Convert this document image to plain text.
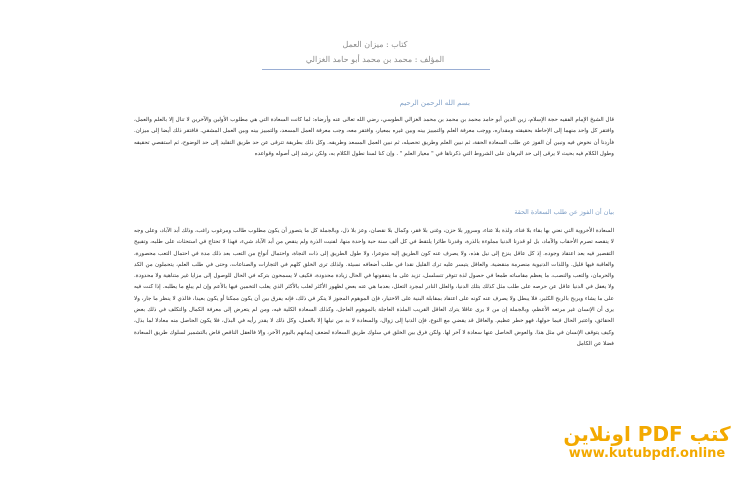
كتاب : ميزان العمل
المؤلف : محمد بن محمد أبو حامد الغزالي
بسم الله الرحمن الرحيم
قال الشيخ الإمام الفقيه حجة الإسلام، زين الدين أبو حامد محمد بن محمد بن محمد الغزالي الطوسي، رضي الله تعالى عنه وأرضاه: لما كانت السعادة التي هي مطلوب الأولين والآخرين لا تنال إلا بالعلم والعمل، وافتقر كل واحد منهما إلى الإحاطة بحقيقته ومقداره، ووجب معرفة العلم والتمييز بينه وبين غيره بمعيار، وافتقر معه، وجب معرفة العمل المسعد، والتمييز بينه وبين العمل المشقي. فافتقر ذلك أيضا إلى ميزان. فأردنا أن نخوض فيه ونبين أن الفوز عن طلب السعادة الحقة، ثم نبين العلم وطريق تحصيله، ثم نبين العمل المسعد وطريقه. وكل ذلك بطريقة تترقى عن حد طريق التقليد إلى حد الوضوح، ثم استقصي تحقيقه وطول الكلام فيه بحيث لا يرقى إلى حد البرهان على الشروط التي ذكرناها في " معيار العلم " . وإن كنا لسنا نطول الكلام به، ولكن نرشد إلى أصوله وقواعده
بيان أن الفوز عن طلب السعادة الحقة
السعادة الأخروية التي نعني بها بقاء بلا فناء، ولذة بلا عناء، وسرور بلا حزن، وغنى بلا فقر، وكمال بلا نقصان، وعز بلا ذل، وبالجملة كل ما يتصور أن يكون مطلوب طالب ومرغوب راغب، وذلك أبد الآباد، وعلى وجه لا ينقصه تصرم الأحقاب والآماد، بل لو قدرنا الدنيا مملوءة بالذرة، وقدرنا طائرا يلتقط في كل ألف سنة حبة واحدة منها، لفنيت الذرة ولم ينقص من أبد الآباد شيء، فهذا لا تحتاج في استحثاث على طلبه، وتقبيح التقصير فيه بعد اعتقاد وجوده. إذ كل عاقل ينزع إلى نيل هذه، ولا يصرف عنه كون الطريق إليه متوعرا، ولا طول الطريق إلى ذات النجاة، واحتمال أنواع من التعب بعد ذلك مدة في احتمال التعب محصورة، والعاقبة فيها قليل. واللذات الدنيوية منصرمة منقضية. والعاقل يتيسر عليه ترك القليل نقدا في طلب أضعافه نسيئة. ولذلك ترى الخلق كلهم في التجارات والصناعات، وحتى في طلب العلم، يتحملون من الكد والحرمان، والتعب والنصب، ما يعظم مقاساته طمعا في حصول لذة تتوفر تتسلسل، تزيد على ما ينفقونها في الحال زيادة محدودة، فكيف لا يسمحون بتركه في الحال للوصول إلى مزايا غير متناهية ولا محدودة. ولا يغفل في الدنيا عاقل عن حرصه على طلب مثل كذلك بتلك الدنيا، والعلل النادر لمجرد التعلل، بعدما هي عنه بعض لظهور الأكثر لغلب بالأكثر الذي يغلب التخمين فيها بالأعم وإن لم يبلغ ما يطلبه. إذا كنت فيه على ما يشاء ويربح بالربح الكثير، فلا يبطل ولا يصرف عنه كونه على اعتقاد بمقابلة البنية على الاختيار، فإن الموهوم المجوز لا ينكر في ذلك، فإنه يفرق بين أن يكون ممكنا أو يكون بعيدا، فالذي لا ينظر ما جار، ولا يرى أن الإنسان غير مرتعه الأعظم، وبالجملة إن من لا يرى عاقلا يترك العاقل القريب الملذة العاجلة بالموهوم العاجل، وكذلك السعادة الكلية فيه، ومن لم يتعرض إلى معرفة الكمال والتكلف في ذلك بعض الحقائق، واعتبر الحال فيما حولها، فهو خطر عظيم. والعاقل قد يقضي مع النوع، فإن الدنيا إلى زوال، والسعادة لا بد من نيلها إلا بالعمل، وكل ذلك لا يقدر رأيه في البذل، فلا يكون الحاصل منه معادلا لما بذل، وكيف يتوقف الإنسان في مثل هذا. والعوض الحاصل عنها سعادة لا آخر لها. ولكن فرق بين الخلق في سلوك طريق السعادة لضعف إيمانهم باليوم الآخر، وإلا فالعقل الناقص قاض بالتشمير لسلوك طريق السعادة فضلا عن الكامل
كتب PDF اونلاين
www.kutubpdf.online
